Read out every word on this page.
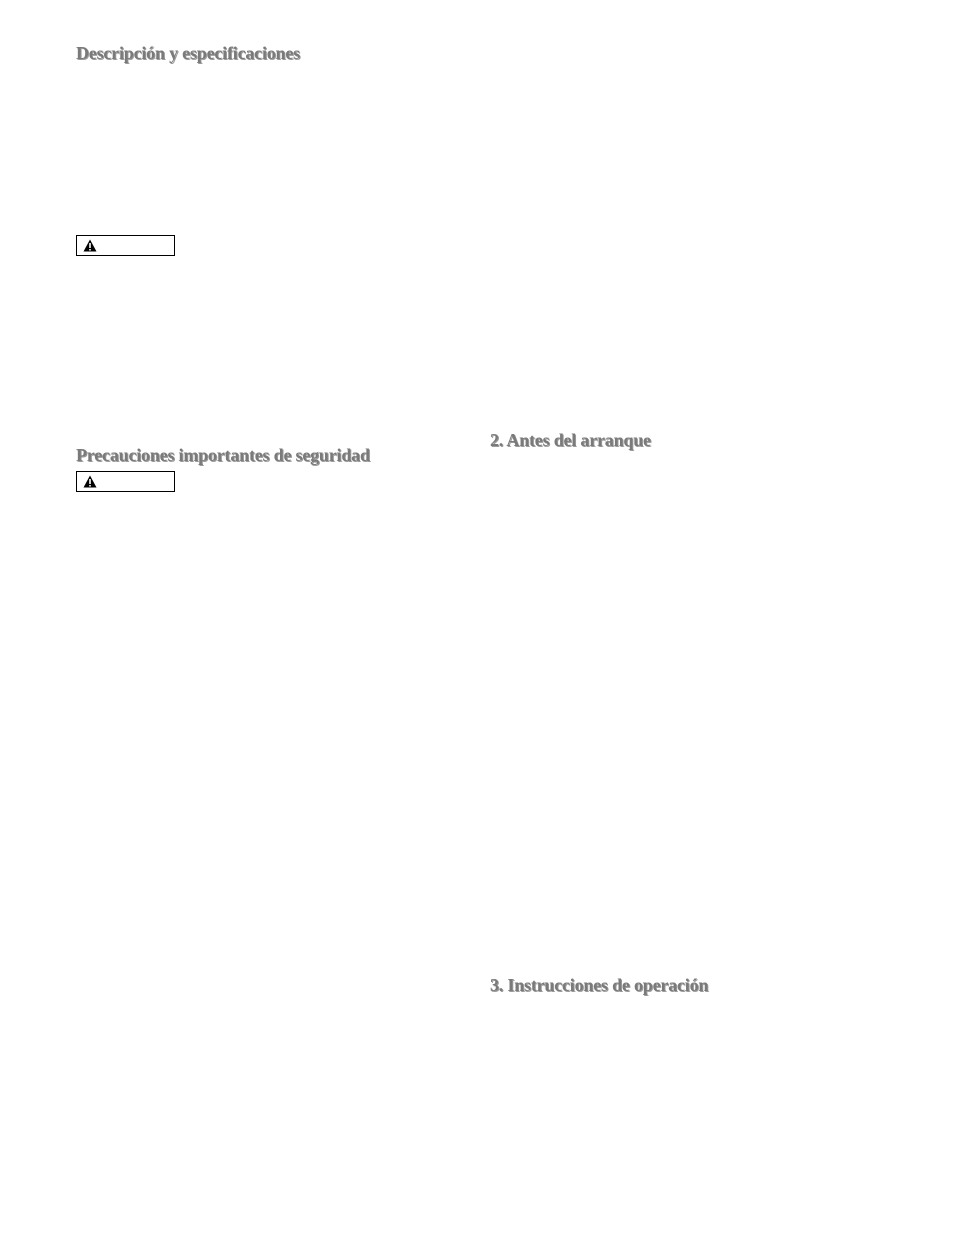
Descripción y especificaciones
Precauciones importantes de seguridad
2. Antes del arranque
3. Instrucciones de operación
